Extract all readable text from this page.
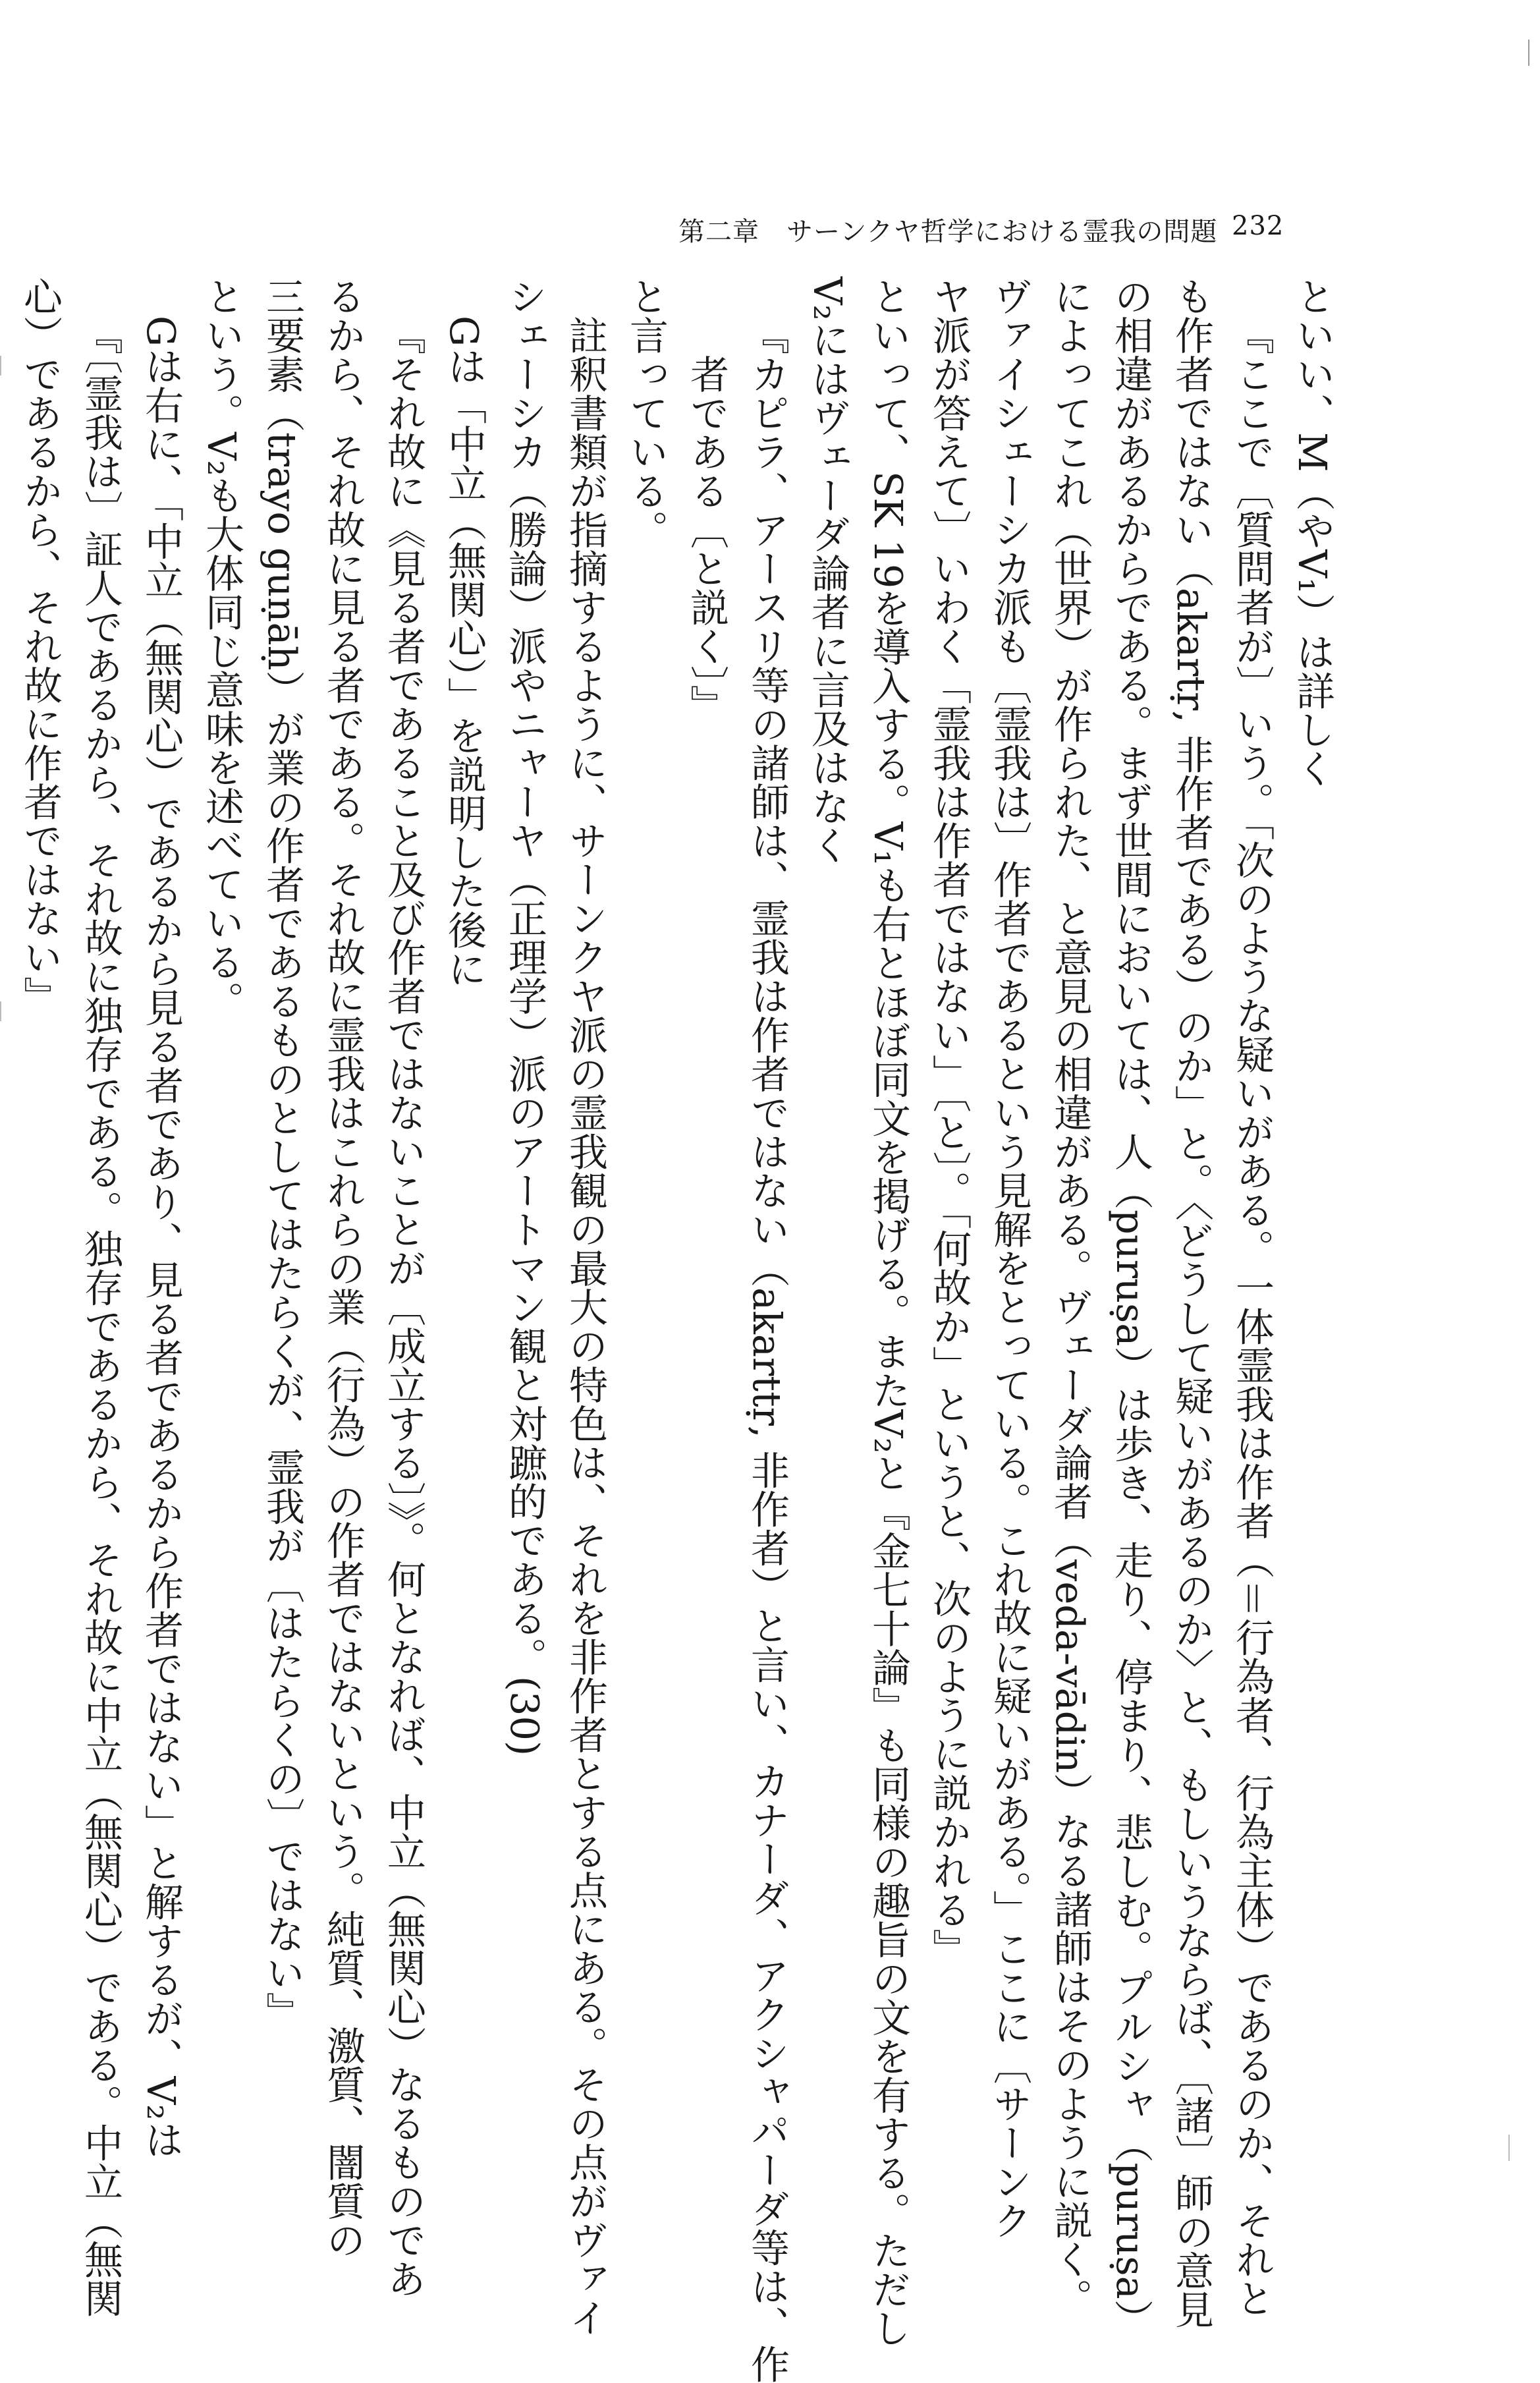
第二章　サーンクヤ哲学における霊我の問題 232
といい、M（やV₁）は詳しく
『ここで〔質問者が〕いう。「次のような疑いがある。一体霊我は作者（＝行為者、行為主体）であるのか、それと
も作者ではない（akartṛ, 非作者である）のか」と。〈どうして疑いがあるのか〉と、もしいうならば、〔諸〕師の意見
の相違があるからである。まず世間においては、人（puruṣa）は歩き、走り、停まり、悲しむ。プルシャ（puruṣa）
によってこれ（世界）が作られた、と意見の相違がある。ヴェーダ論者（veda-vādin）なる諸師はそのように説く。
ヴァイシェーシカ派も〔霊我は〕作者であるという見解をとっている。これ故に疑いがある。」ここに〔サーンク
ヤ派が答えて〕いわく「霊我は作者ではない」〔と〕。「何故か」というと、次のように説かれる』
といって、SK 19を導入する。V₁も右とほぼ同文を掲げる。またV₂と『金七十論』も同様の趣旨の文を有する。ただし
V₂にはヴェーダ論者に言及はなく
『カピラ、アースリ等の諸師は、霊我は作者ではない（akarttṛ, 非作者）と言い、カナーダ、アクシャパーダ等は、作
者である〔と説く〕』
と言っている。
註釈書類が指摘するように、サーンクヤ派の霊我観の最大の特色は、それを非作者とする点にある。その点がヴァイ
シェーシカ（勝論）派やニャーヤ（正理学）派のアートマン観と対蹠的である。(30)
Gは「中立（無関心）」を説明した後に
『それ故に《見る者であること及び作者ではないことが〔成立する〕》。何となれば、中立（無関心）なるものであ
るから、それ故に見る者である。それ故に霊我はこれらの業（行為）の作者ではないという。純質、激質、闇質の
三要素（trayo guṇāḥ）が業の作者であるものとしてはたらくが、霊我が〔はたらくの〕ではない』
という。V₂も大体同じ意味を述べている。
Gは右に、「中立（無関心）であるから見る者であり、見る者であるから作者ではない」と解するが、V₂は
『〔霊我は〕証人であるから、それ故に独存である。独存であるから、それ故に中立（無関心）である。中立（無関
心）であるから、それ故に作者ではない』
